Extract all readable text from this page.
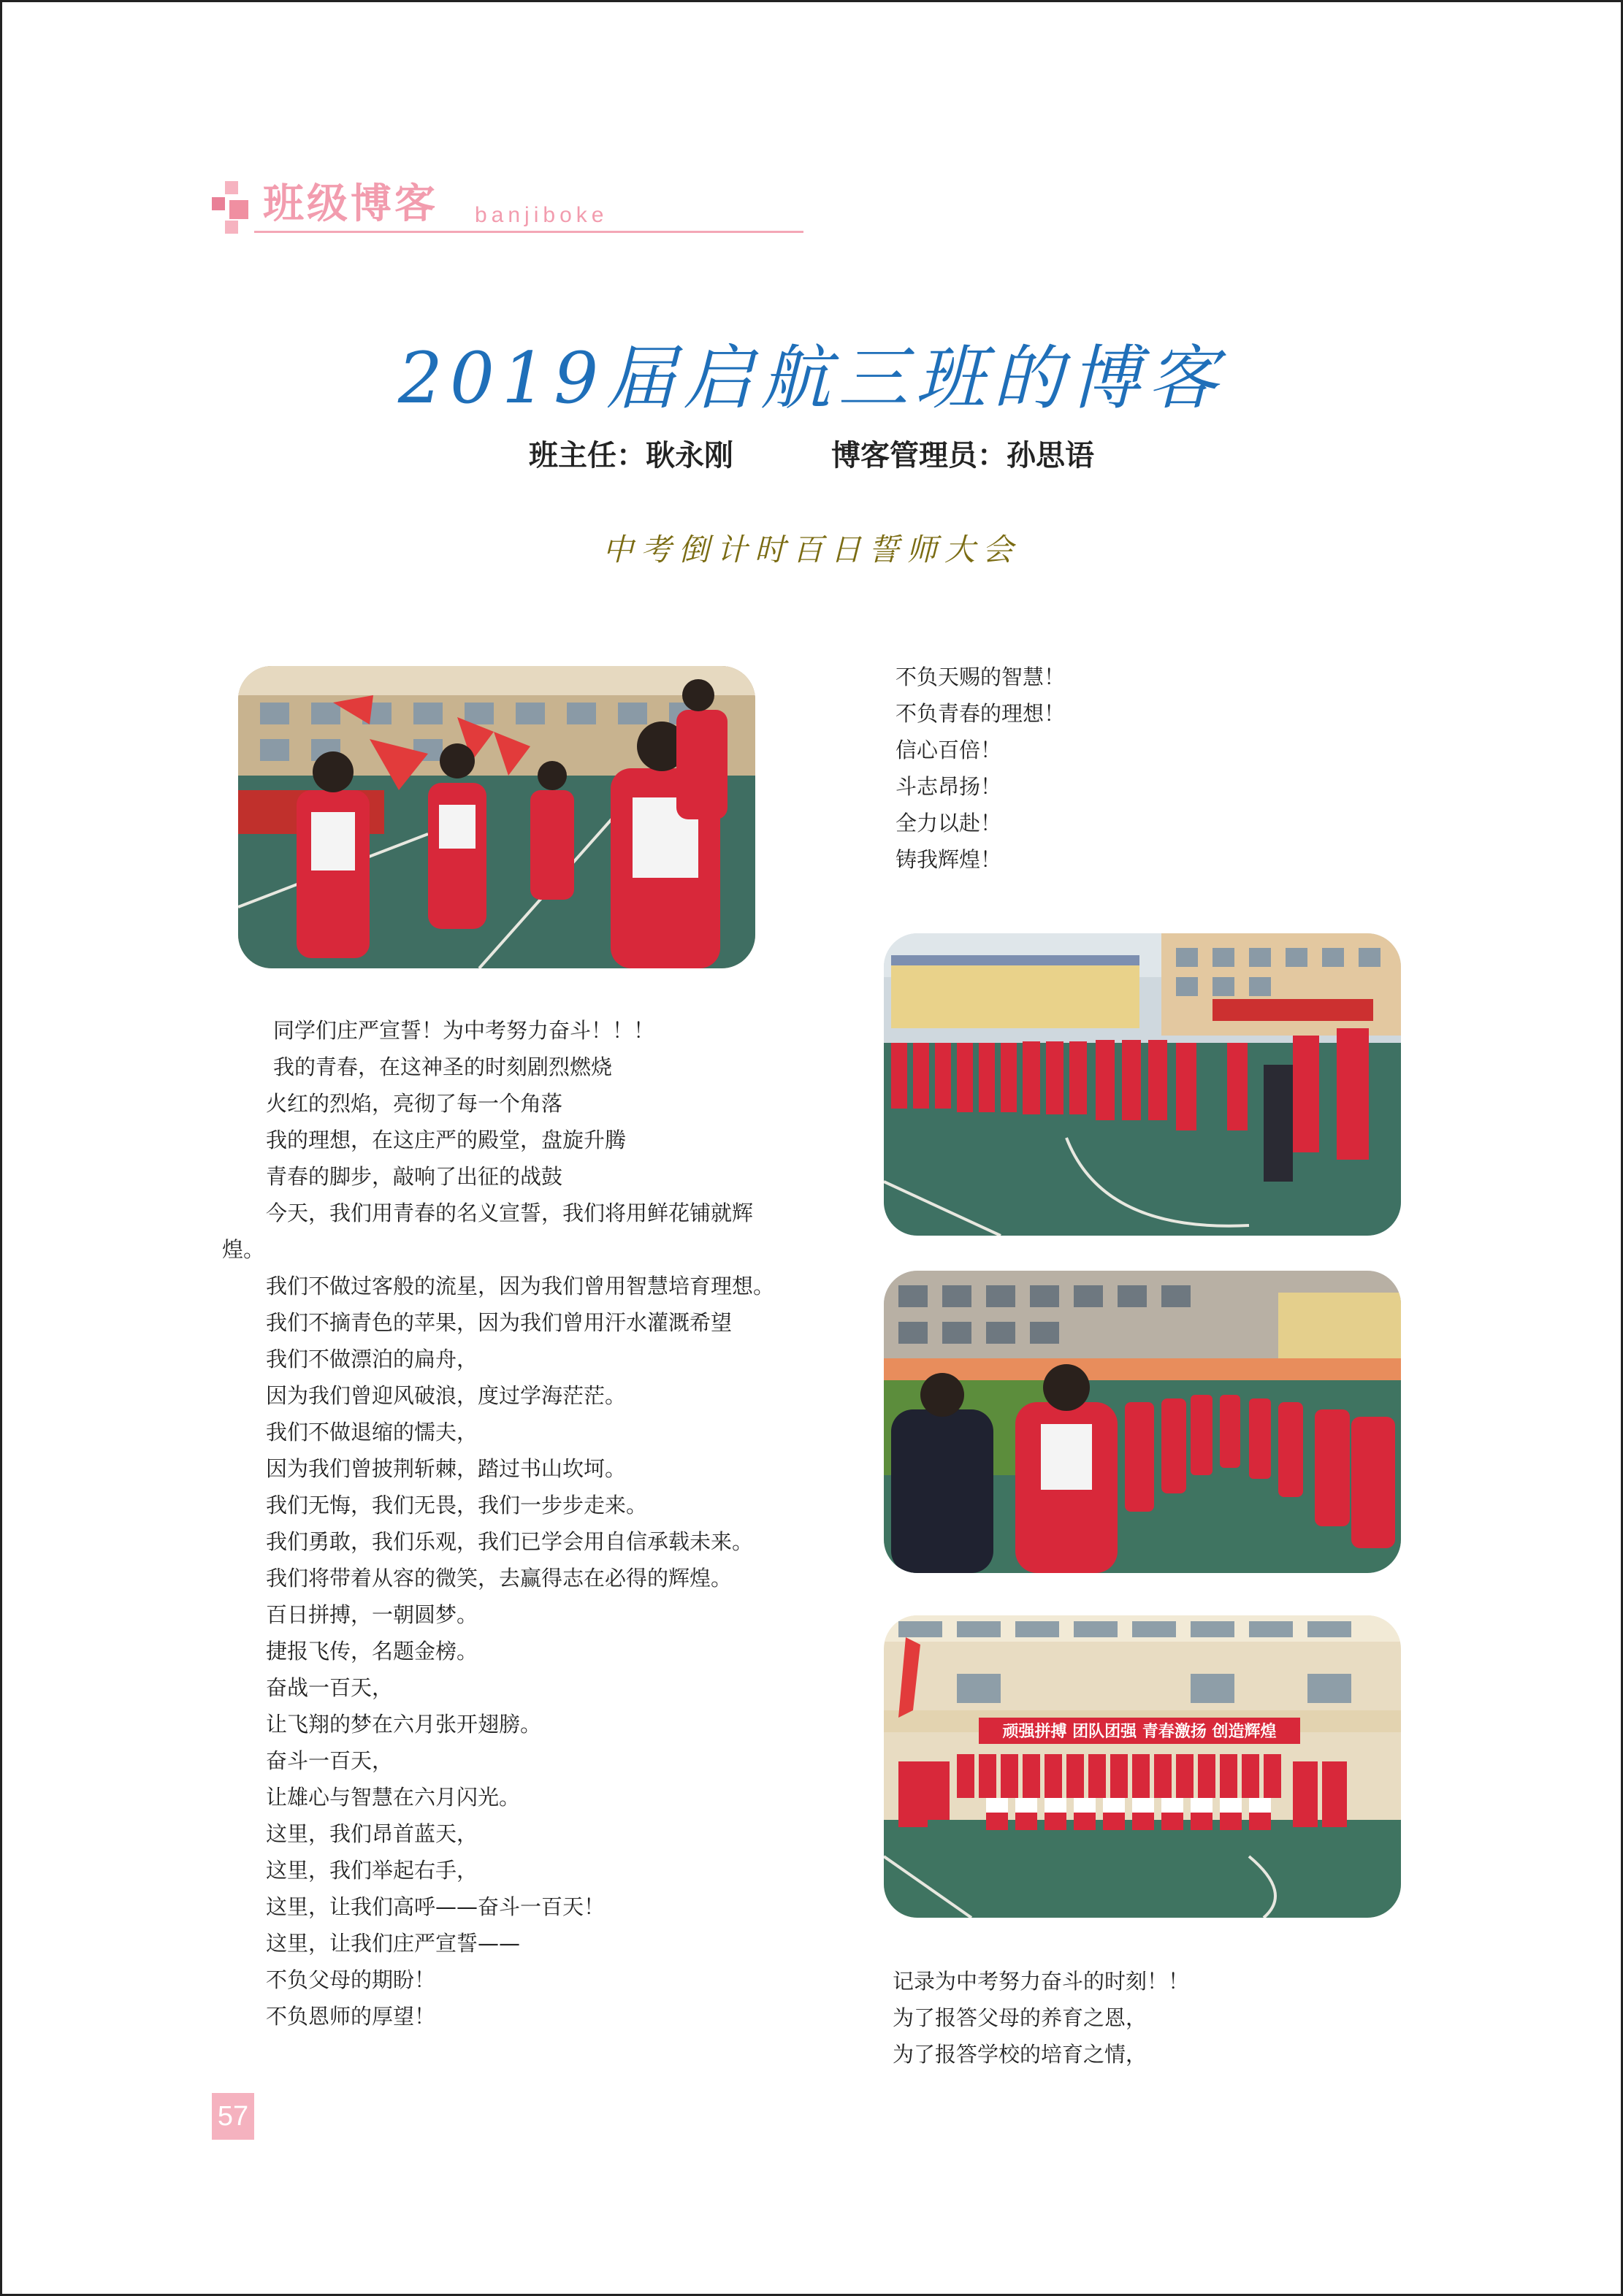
班级博客 banjiboke
2019届启航三班的博客
班主任：耿永刚	博客管理员：孙思语
中考倒计时百日誓师大会
顽强拼搏 团队团强 青春激扬 创造辉煌
同学们庄严宣誓！为中考努力奋斗！！！
我的青春，在这神圣的时刻剧烈燃烧
火红的烈焰，亮彻了每一个角落
我的理想，在这庄严的殿堂，盘旋升腾
青春的脚步，敲响了出征的战鼓
今天，我们用青春的名义宣誓，我们将用鲜花铺就辉煌。
我们不做过客般的流星，因为我们曾用智慧培育理想。
我们不摘青色的苹果，因为我们曾用汗水灌溉希望
我们不做漂泊的扁舟，
因为我们曾迎风破浪，度过学海茫茫。
我们不做退缩的懦夫，
因为我们曾披荆斩棘，踏过书山坎坷。
我们无悔，我们无畏，我们一步步走来。
我们勇敢，我们乐观，我们已学会用自信承载未来。
我们将带着从容的微笑，去赢得志在必得的辉煌。
百日拼搏，一朝圆梦。
捷报飞传，名题金榜。
奋战一百天，
让飞翔的梦在六月张开翅膀。
奋斗一百天，
让雄心与智慧在六月闪光。
这里，我们昂首蓝天，
这里，我们举起右手，
这里，让我们高呼——奋斗一百天！
这里，让我们庄严宣誓——
不负父母的期盼！
不负恩师的厚望！
不负天赐的智慧！
不负青春的理想！
信心百倍！
斗志昂扬！
全力以赴！
铸我辉煌！
记录为中考努力奋斗的时刻！！
为了报答父母的养育之恩，
为了报答学校的培育之情，
57
